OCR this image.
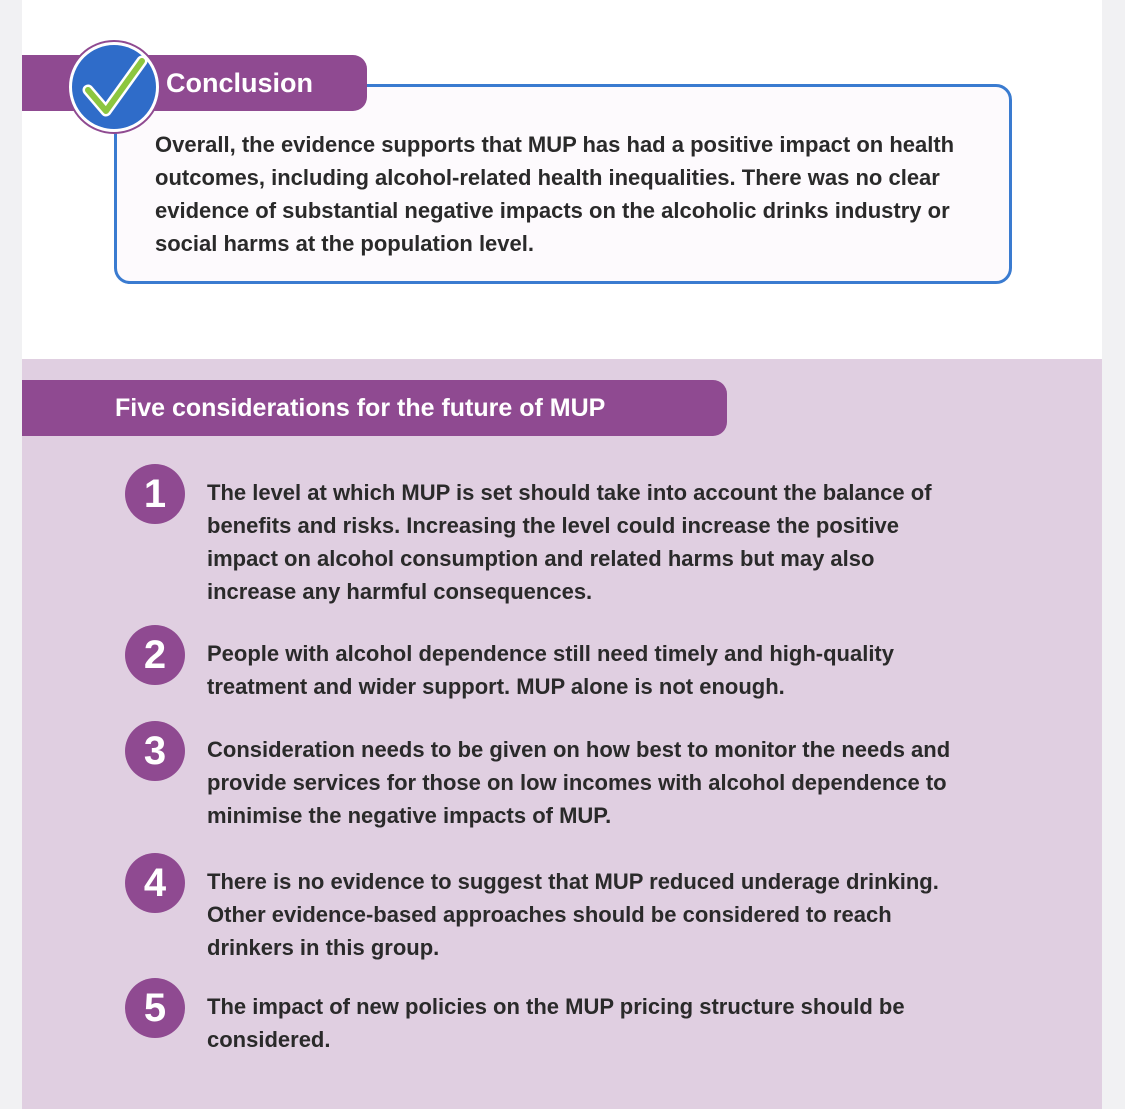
Conclusion
Overall, the evidence supports that MUP has had a positive impact on health outcomes, including alcohol-related health inequalities. There was no clear evidence of substantial negative impacts on the alcoholic drinks industry or social harms at the population level.
Five considerations for the future of MUP
1	The level at which MUP is set should take into account the balance of benefits and risks. Increasing the level could increase the positive impact on alcohol consumption and related harms but may also increase any harmful consequences.
2	People with alcohol dependence still need timely and high-quality treatment and wider support. MUP alone is not enough.
3	Consideration needs to be given on how best to monitor the needs and provide services for those on low incomes with alcohol dependence to minimise the negative impacts of MUP.
4	There is no evidence to suggest that MUP reduced underage drinking. Other evidence-based approaches should be considered to reach drinkers in this group.
5	The impact of new policies on the MUP pricing structure should be considered.
